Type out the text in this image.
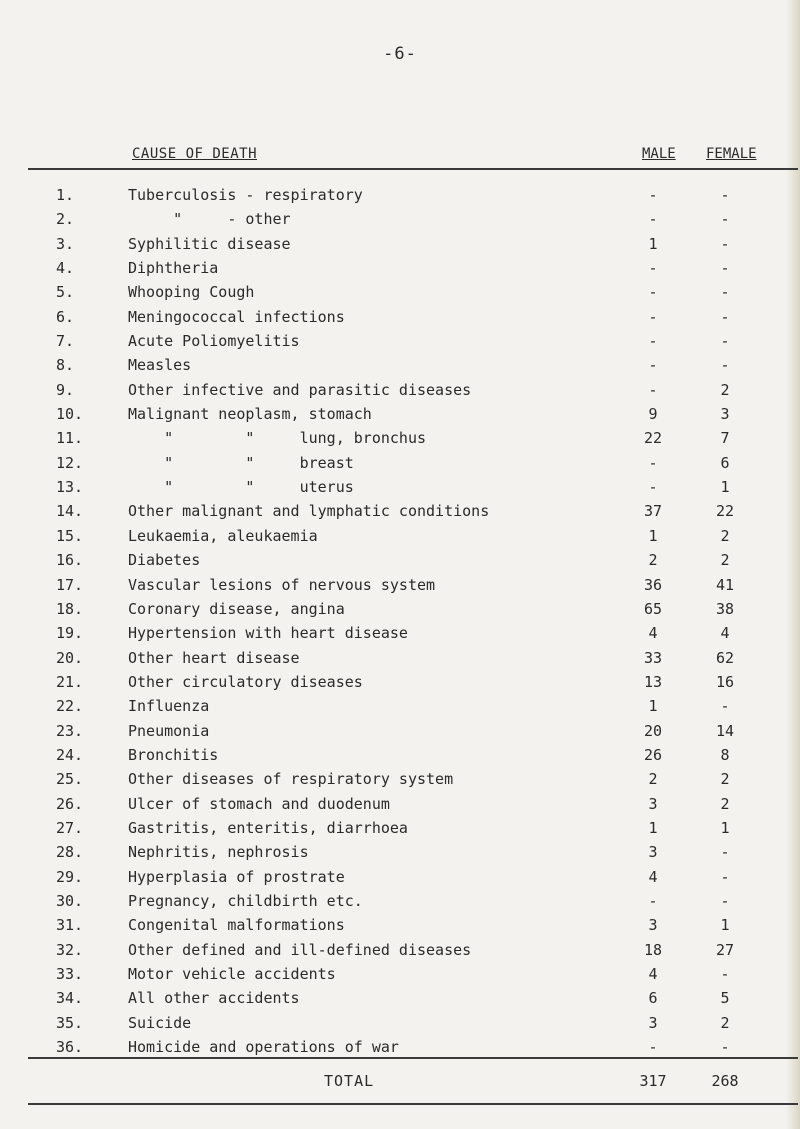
-6-
CAUSE OF DEATH	MALE FEMALE
1.	Tuberculosis - respiratory	-	-
2.	"     - other	-	-
3.	Syphilitic disease	1	-
4.	Diphtheria	-	-
5.	Whooping Cough	-	-
6.	Meningococcal infections	-	-
7.	Acute Poliomyelitis	-	-
8.	Measles	-	-
9.	Other infective and parasitic diseases	-	2
10.	Malignant neoplasm, stomach	9	3
11.	"        "     lung, bronchus	22	7
12.	"        "     breast	-	6
13.	"        "     uterus	-	1
14.	Other malignant and lymphatic conditions	37	22
15.	Leukaemia, aleukaemia	1	2
16.	Diabetes	2	2
17.	Vascular lesions of nervous system	36	41
18.	Coronary disease, angina	65	38
19.	Hypertension with heart disease	4	4
20.	Other heart disease	33	62
21.	Other circulatory diseases	13	16
22.	Influenza	1	-
23.	Pneumonia	20	14
24.	Bronchitis	26	8
25.	Other diseases of respiratory system	2	2
26.	Ulcer of stomach and duodenum	3	2
27.	Gastritis, enteritis, diarrhoea	1	1
28.	Nephritis, nephrosis	3	-
29.	Hyperplasia of prostrate	4	-
30.	Pregnancy, childbirth etc.	-	-
31.	Congenital malformations	3	1
32.	Other defined and ill-defined diseases	18	27
33.	Motor vehicle accidents	4	-
34.	All other accidents	6	5
35.	Suicide	3	2
36.	Homicide and operations of war	-	-
TOTAL	317	268
